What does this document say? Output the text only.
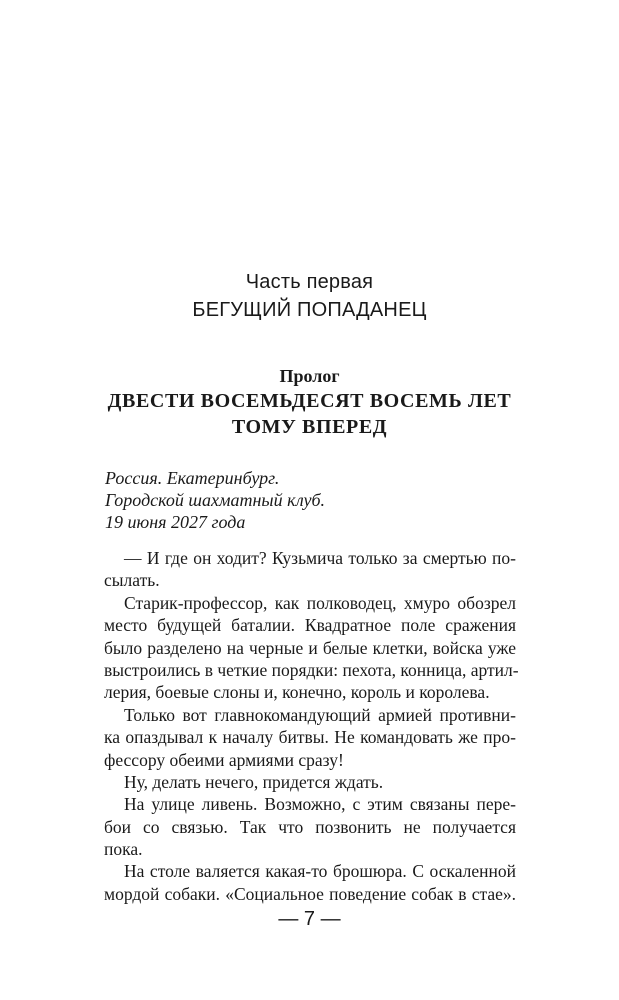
Часть первая
БЕГУЩИЙ ПОПАДАНЕЦ
Пролог
ДВЕСТИ ВОСЕМЬДЕСЯТ ВОСЕМЬ ЛЕТ
ТОМУ ВПЕРЕД
Россия. Екатеринбург.
Городской шахматный клуб.
19 июня 2027 года
— И где он ходит? Кузьмича только за смертью по-
сылать.
Старик-профессор, как полководец, хмуро обозрел
место будущей баталии. Квадратное поле сражения
было разделено на черные и белые клетки, войска уже
выстроились в четкие порядки: пехота, конница, артил-
лерия, боевые слоны и, конечно, король и королева.
Только вот главнокомандующий армией противни-
ка опаздывал к началу битвы. Не командовать же про-
фессору обеими армиями сразу!
Ну, делать нечего, придется ждать.
На улице ливень. Возможно, с этим связаны пере-
бои со связью. Так что позвонить не получается
пока.
На столе валяется какая-то брошюра. С оскаленной
мордой собаки. «Социальное поведение собак в стае».
— 7 —
